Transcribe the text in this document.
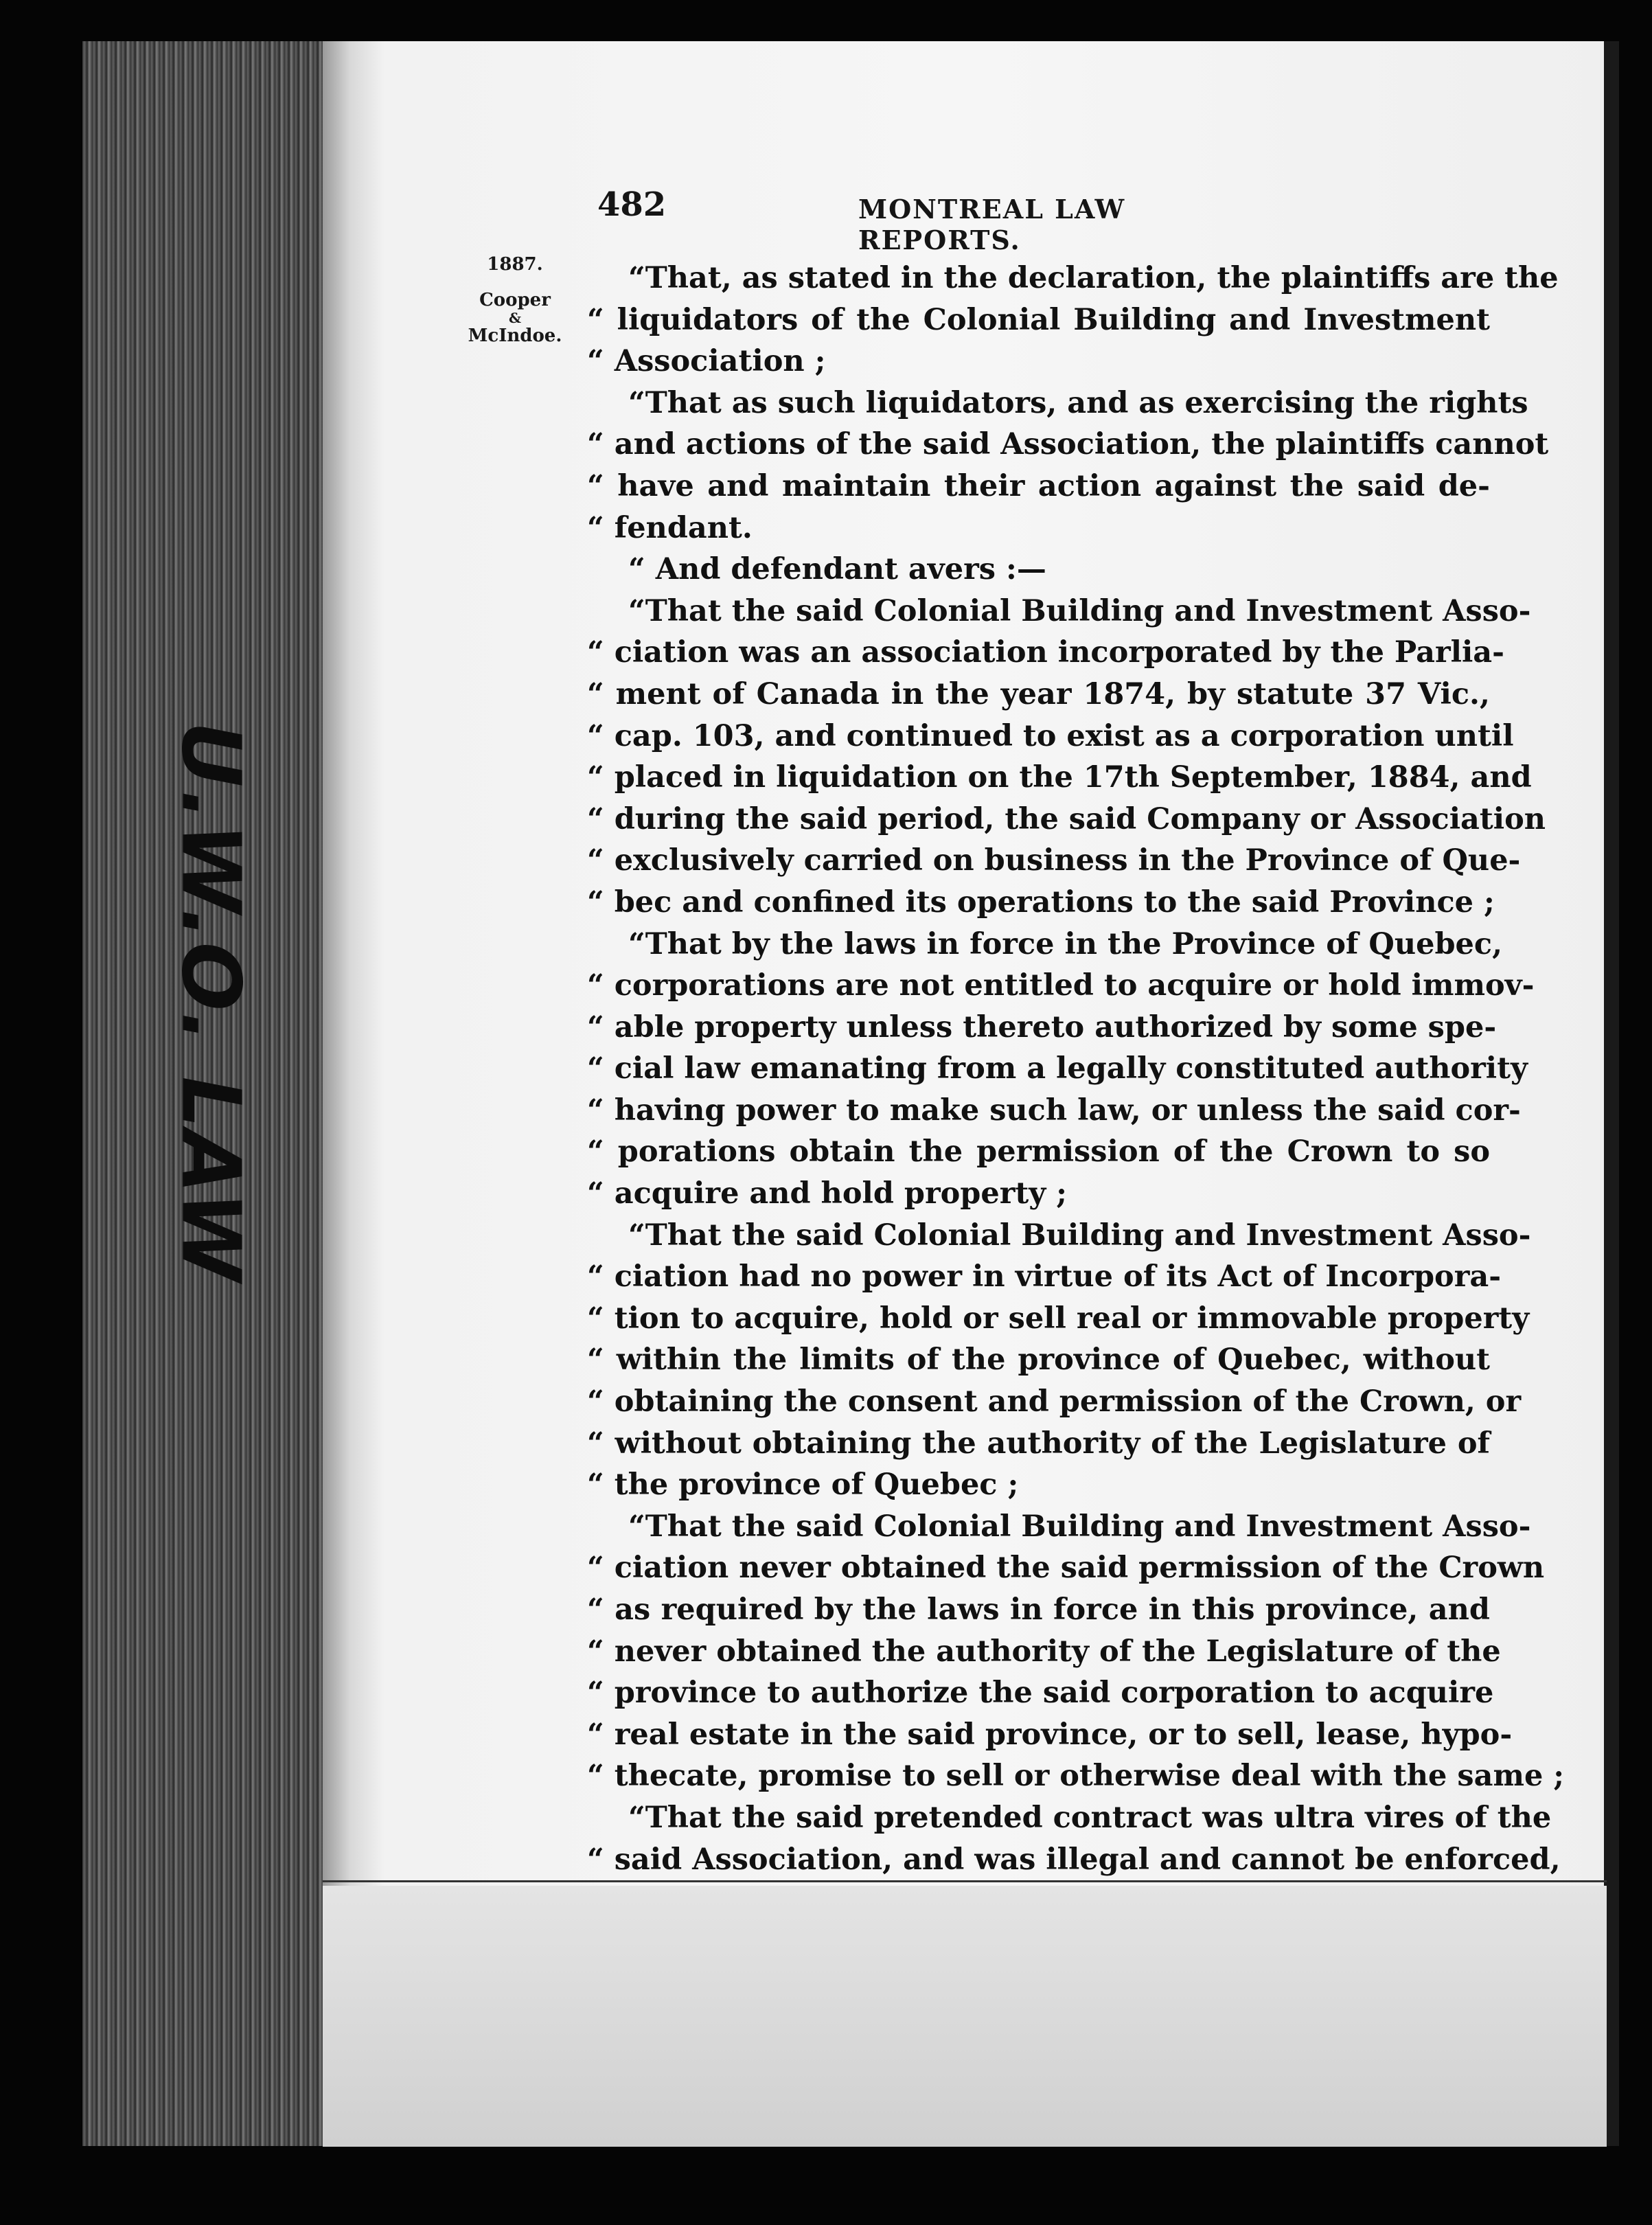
U.W.O. LAW
482	MONTREAL LAW REPORTS.
1887.
Cooper
&
McIndoe.
“That, as stated in the declaration, the plaintiffs are the
“ liquidators of the Colonial Building and Investment
“ Association ;
“That as such liquidators, and as exercising the rights
“ and actions of the said Association, the plaintiffs cannot
“ have and maintain their action against the said de-
“ fendant.
“ And defendant avers :—
“That the said Colonial Building and Investment Asso-
“ ciation was an association incorporated by the Parlia-
“ ment of Canada in the year 1874, by statute 37 Vic.,
“ cap. 103, and continued to exist as a corporation until
“ placed in liquidation on the 17th September, 1884, and
“ during the said period, the said Company or Association
“ exclusively carried on business in the Province of Que-
“ bec and confined its operations to the said Province ;
“That by the laws in force in the Province of Quebec,
“ corporations are not entitled to acquire or hold immov-
“ able property unless thereto authorized by some spe-
“ cial law emanating from a legally constituted authority
“ having power to make such law, or unless the said cor-
“ porations obtain the permission of the Crown to so
“ acquire and hold property ;
“That the said Colonial Building and Investment Asso-
“ ciation had no power in virtue of its Act of Incorpora-
“ tion to acquire, hold or sell real or immovable property
“ within the limits of the province of Quebec, without
“ obtaining the consent and permission of the Crown, or
“ without obtaining the authority of the Legislature of
“ the province of Quebec ;
“That the said Colonial Building and Investment Asso-
“ ciation never obtained the said permission of the Crown
“ as required by the laws in force in this province, and
“ never obtained the authority of the Legislature of the
“ province to authorize the said corporation to acquire
“ real estate in the said province, or to sell, lease, hypo-
“ thecate, promise to sell or otherwise deal with the same ;
“That the said pretended contract was ultra vires of the
“ said Association, and was illegal and cannot be enforced,
